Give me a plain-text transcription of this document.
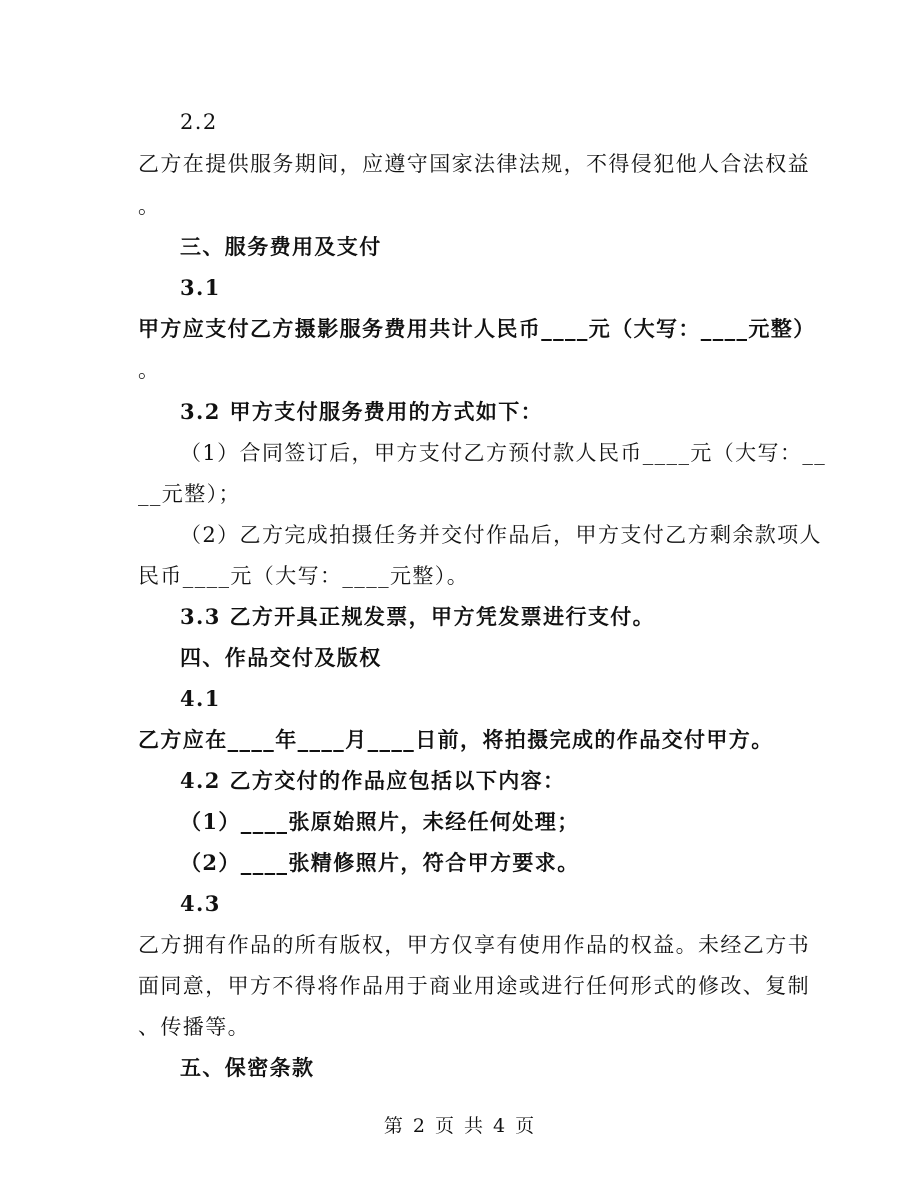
2.2
乙方在提供服务期间，应遵守国家法律法规，不得侵犯他人合法权益
。
三、服务费用及支付
3.1
甲方应支付乙方摄影服务费用共计人民币____元（大写：____元整）
。
3.2 甲方支付服务费用的方式如下：
（1）合同签订后，甲方支付乙方预付款人民币____元（大写：__
__元整）；
（2）乙方完成拍摄任务并交付作品后，甲方支付乙方剩余款项人
民币____元（大写：____元整）。
3.3 乙方开具正规发票，甲方凭发票进行支付。
四、作品交付及版权
4.1
乙方应在____年____月____日前，将拍摄完成的作品交付甲方。
4.2 乙方交付的作品应包括以下内容：
（1）____张原始照片，未经任何处理；
（2）____张精修照片，符合甲方要求。
4.3
乙方拥有作品的所有版权，甲方仅享有使用作品的权益。未经乙方书
面同意，甲方不得将作品用于商业用途或进行任何形式的修改、复制
、传播等。
五、保密条款
第 2 页 共 4 页
